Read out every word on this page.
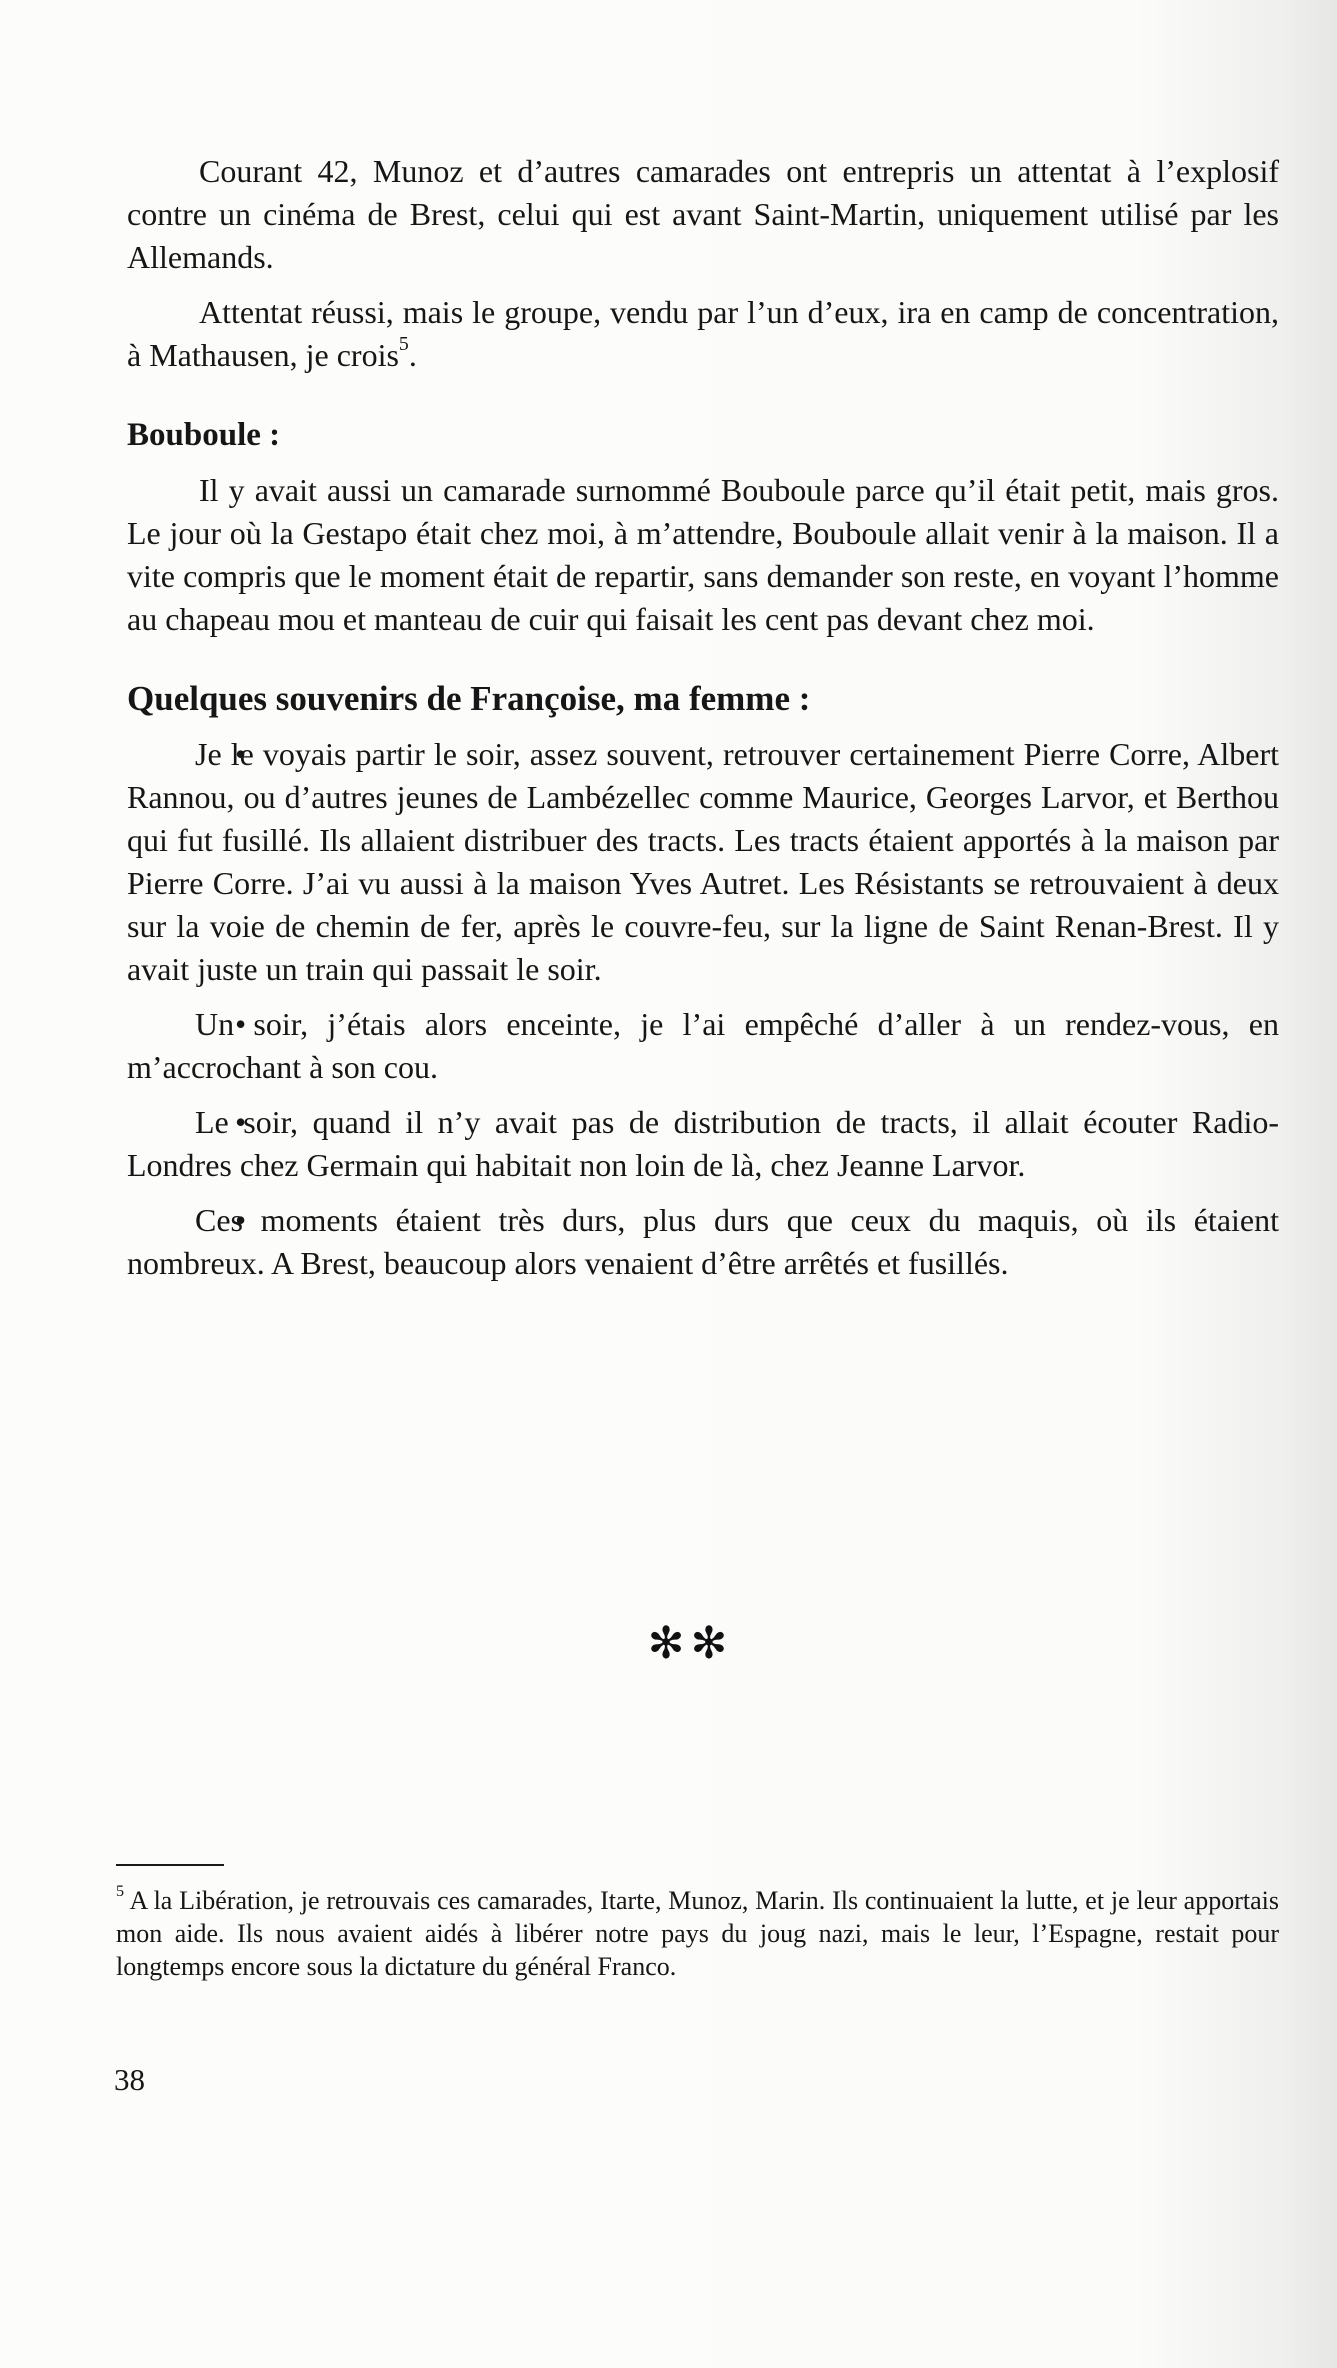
Courant 42, Munoz et d’autres camarades ont entrepris un attentat à l’explosif contre un cinéma de Brest, celui qui est avant Saint-Martin, uniquement utilisé par les Allemands.

Attentat réussi, mais le groupe, vendu par l’un d’eux, ira en camp de concentration, à Mathausen, je crois$^5$.

Bouboule :

Il y avait aussi un camarade surnommé Bouboule parce qu’il était petit, mais gros. Le jour où la Gestapo était chez moi, à m’attendre, Bouboule allait venir à la maison. Il a vite compris que le moment était de repartir, sans demander son reste, en voyant l’homme au chapeau mou et manteau de cuir qui faisait les cent pas devant chez moi.

Quelques souvenirs de Françoise, ma femme :

Je le voyais partir le soir, assez souvent, retrouver certainement Pierre Corre, Albert Rannou, ou d’autres jeunes de Lambézellec comme Maurice, Georges Larvor, et Berthou qui fut fusillé. Ils allaient distribuer des tracts. Les tracts étaient apportés à la maison par Pierre Corre. J’ai vu aussi à la maison Yves Autret. Les Résistants se retrouvaient à deux sur la voie de chemin de fer, après le couvre-feu, sur la ligne de Saint Renan-Brest. Il y avait juste un train qui passait le soir.

Un soir, j’étais alors enceinte, je l’ai empêché d’aller à un rendez-vous, en m’accrochant à son cou.

Le soir, quand il n’y avait pas de distribution de tracts, il allait écouter Radio-Londres chez Germain qui habitait non loin de là, chez Jeanne Larvor.

Ces moments étaient très durs, plus durs que ceux du maquis, où ils étaient nombreux. A Brest, beaucoup alors venaient d’être arrêtés et fusillés.

✻✻

$^5$ A la Libération, je retrouvais ces camarades, Itarte, Munoz, Marin. Ils continuaient la lutte, et je leur apportais mon aide. Ils nous avaient aidés à libérer notre pays du joug nazi, mais le leur, l’Espagne, restait pour longtemps encore sous la dictature du général Franco.

38
